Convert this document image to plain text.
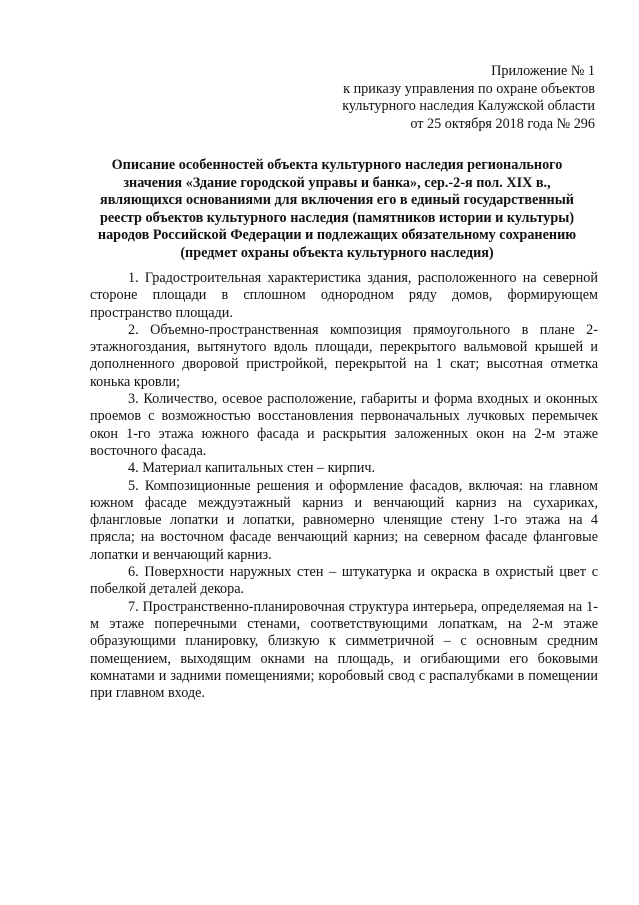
Приложение № 1
к приказу управления по охране объектов
культурного наследия Калужской области
от 25 октября 2018 года № 296
Описание особенностей объекта культурного наследия регионального
значения «Здание городской управы и банка», сер.-2-я пол. XIX в.,
являющихся основаниями для включения его в единый государственный
реестр объектов культурного наследия (памятников истории и культуры)
народов Российской Федерации и подлежащих обязательному сохранению
(предмет охраны объекта культурного наследия)

1. Градостроительная характеристика здания, расположенного на северной стороне площади в сплошном однородном ряду домов, формирующем пространство площади.

2. Объемно-пространственная композиция прямоугольного в плане 2-этажногоздания, вытянутого вдоль площади, перекрытого вальмовой крышей и дополненного дворовой пристройкой, перекрытой на 1 скат; высотная отметка конька кровли;

3. Количество, осевое расположение, габариты и форма входных и оконных проемов с возможностью восстановления первоначальных лучковых перемычек окон 1-го этажа южного фасада и раскрытия заложенных окон на 2-м этаже восточного фасада.

4. Материал капитальных стен – кирпич.

5. Композиционные решения и оформление фасадов, включая: на главном южном фасаде междуэтажный карниз и венчающий карниз на сухариках, флангловые лопатки и лопатки, равномерно членящие стену 1-го этажа на 4 прясла; на восточном фасаде венчающий карниз; на северном фасаде фланговые лопатки и венчающий карниз.

6. Поверхности наружных стен – штукатурка и окраска в охристый цвет с побелкой деталей декора.

7. Пространственно-планировочная структура интерьера, определяемая на 1-м этаже поперечными стенами, соответствующими лопаткам, на 2-м этаже образующими планировку, близкую к симметричной – с основным средним помещением, выходящим окнами на площадь, и огибающими его боковыми комнатами и задними помещениями; коробовый свод с распалубками в помещении при главном входе.
